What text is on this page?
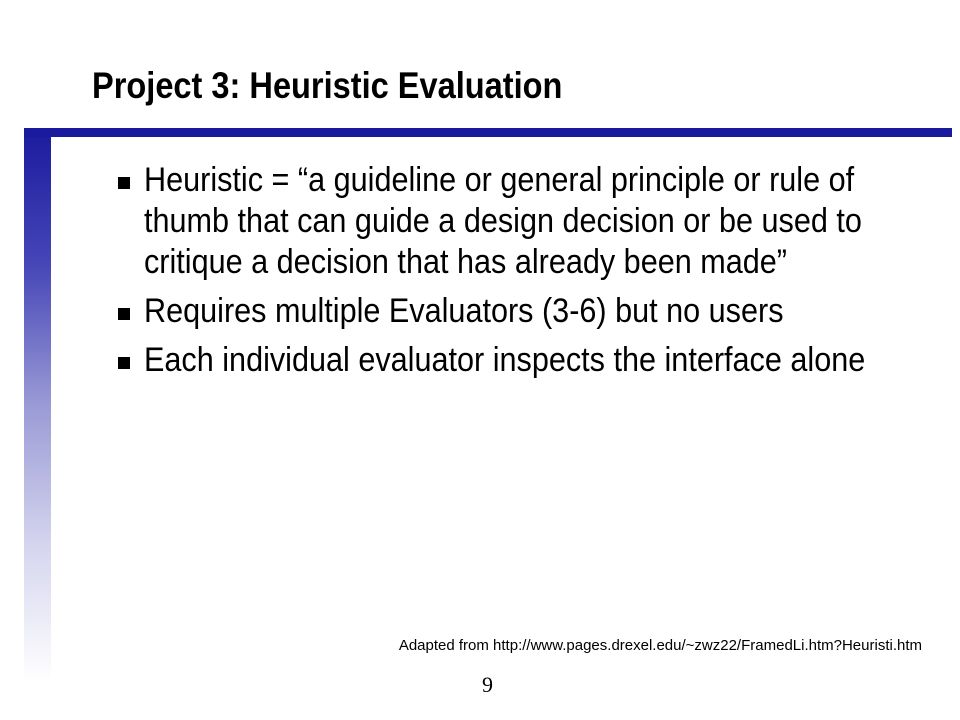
Project 3: Heuristic Evaluation
Heuristic = “a guideline or general principle or rule of thumb that can guide a design decision or be used to critique a decision that has already been made”
Requires multiple Evaluators (3-6) but no users
Each individual evaluator inspects the interface alone
Adapted from http://www.pages.drexel.edu/~zwz22/FramedLi.htm?Heuristi.htm
9
